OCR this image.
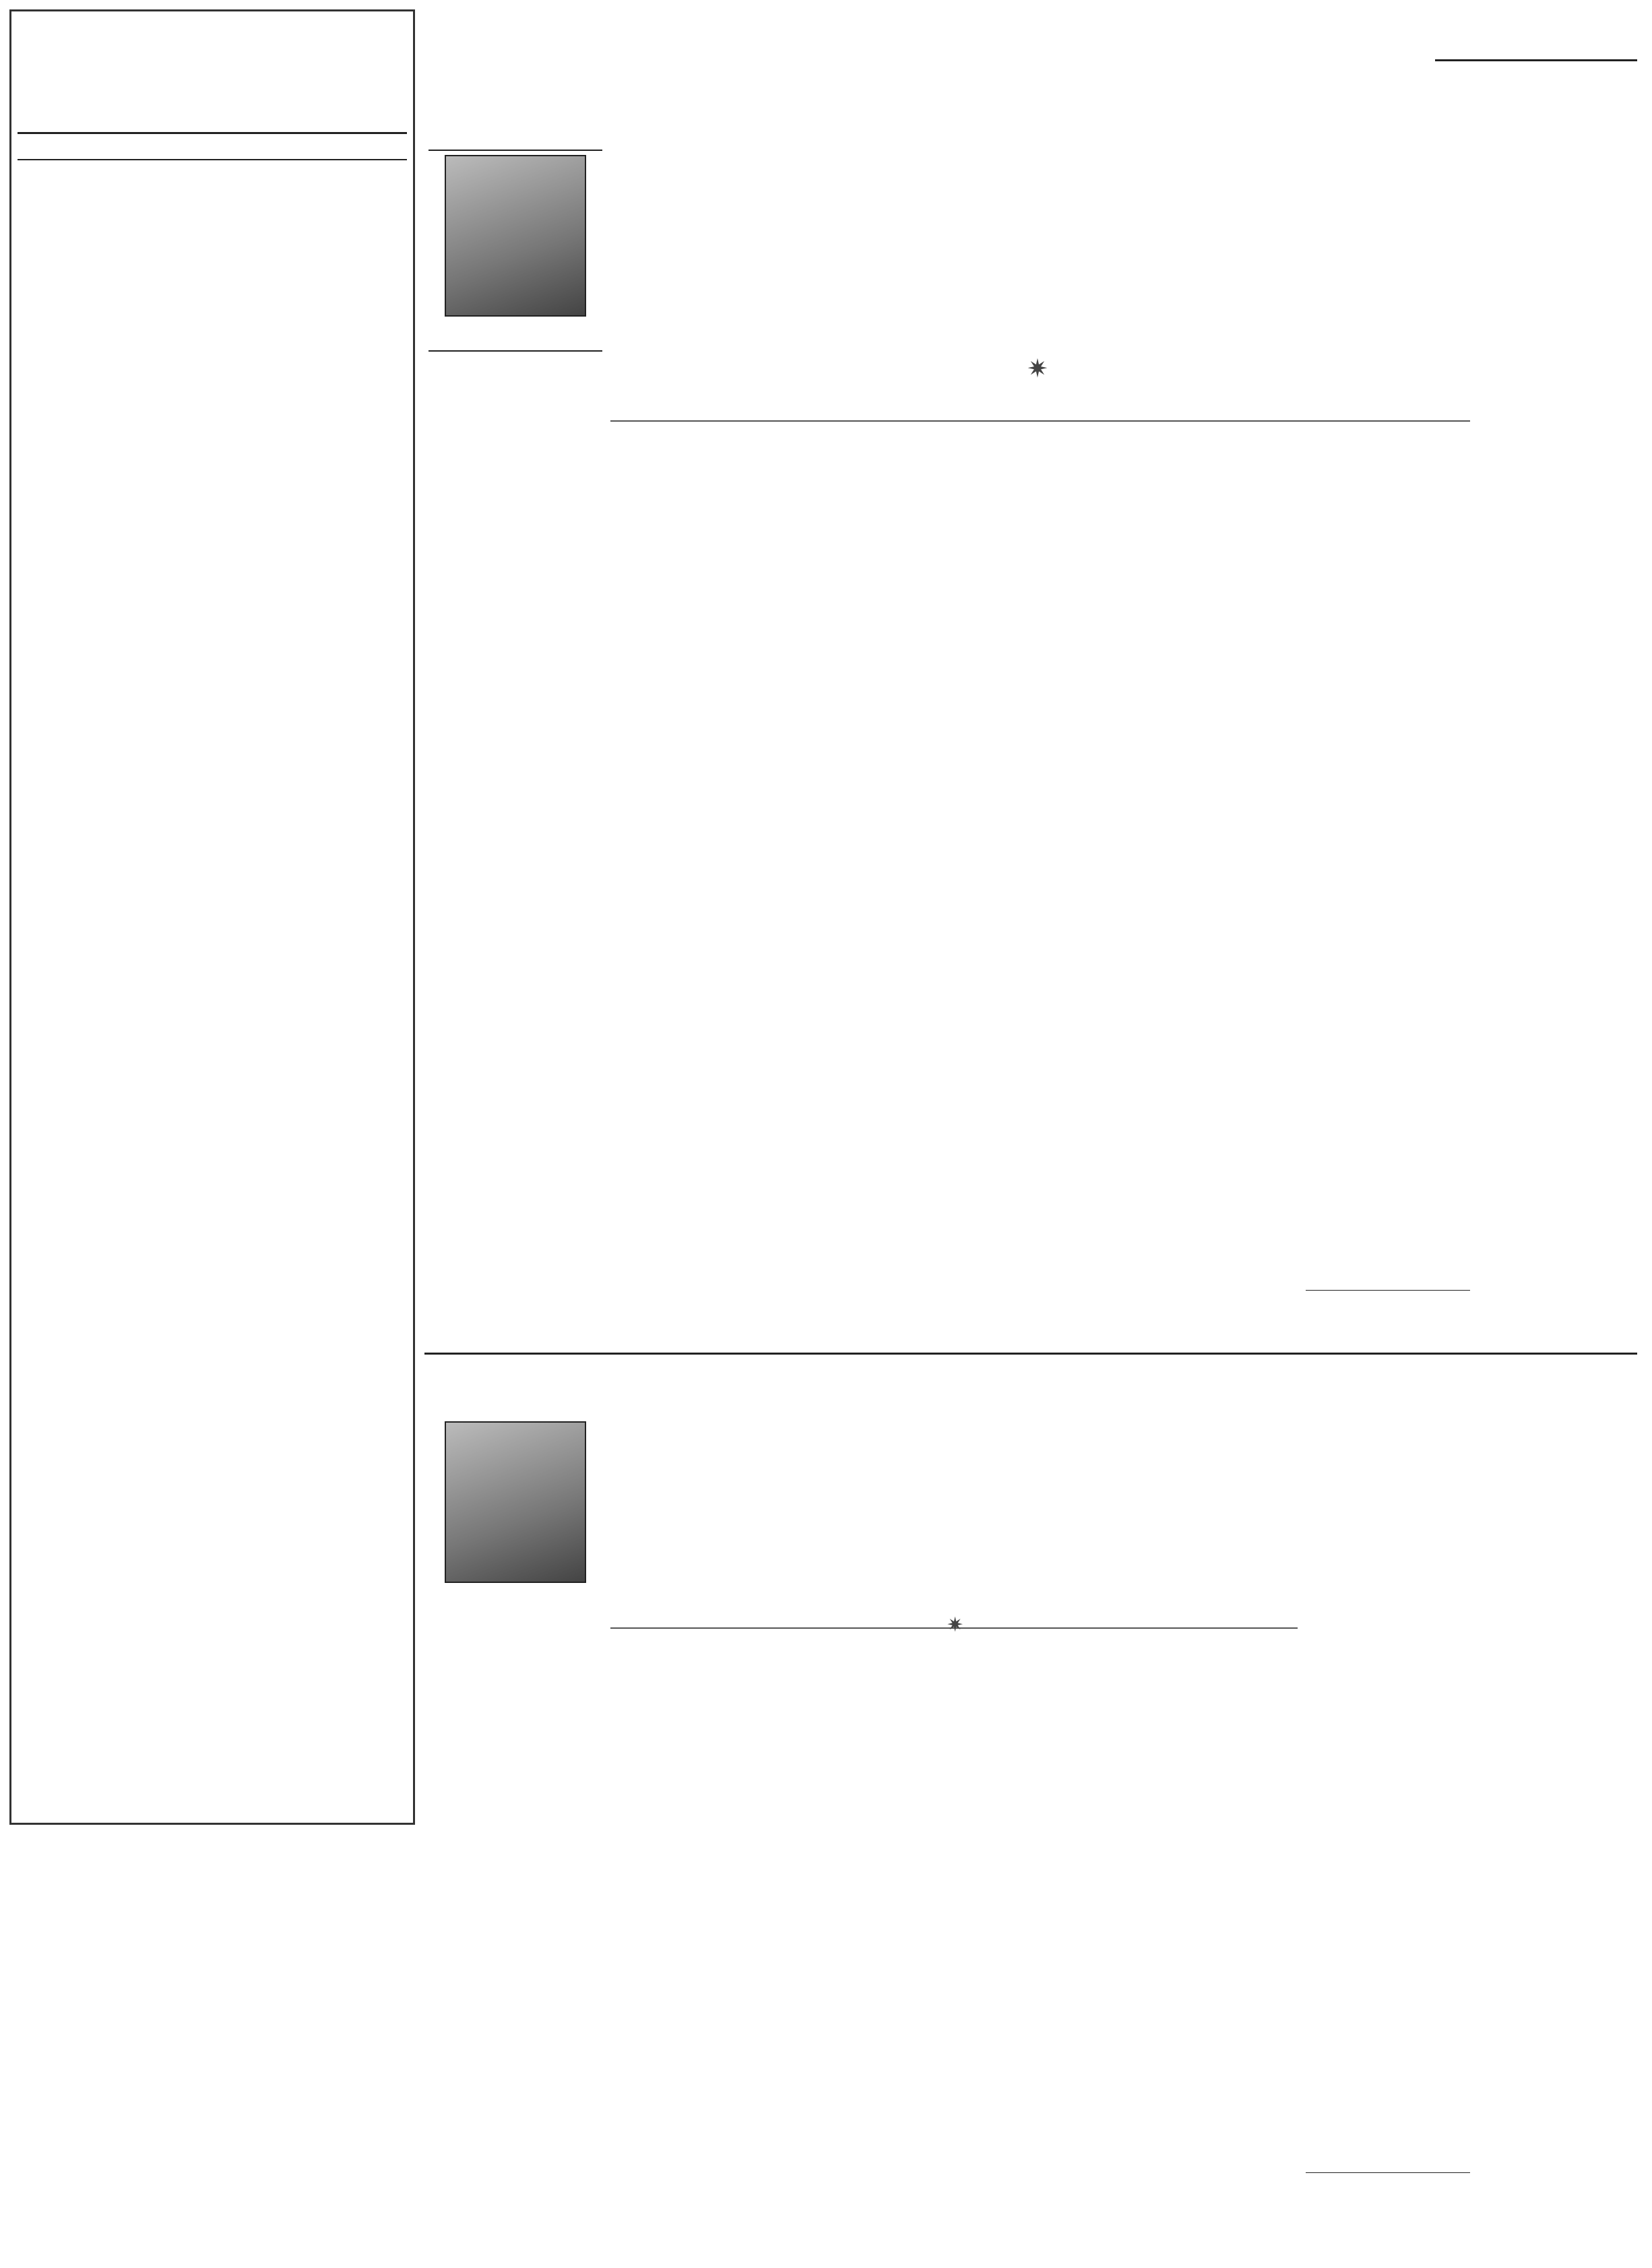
✷

✷
